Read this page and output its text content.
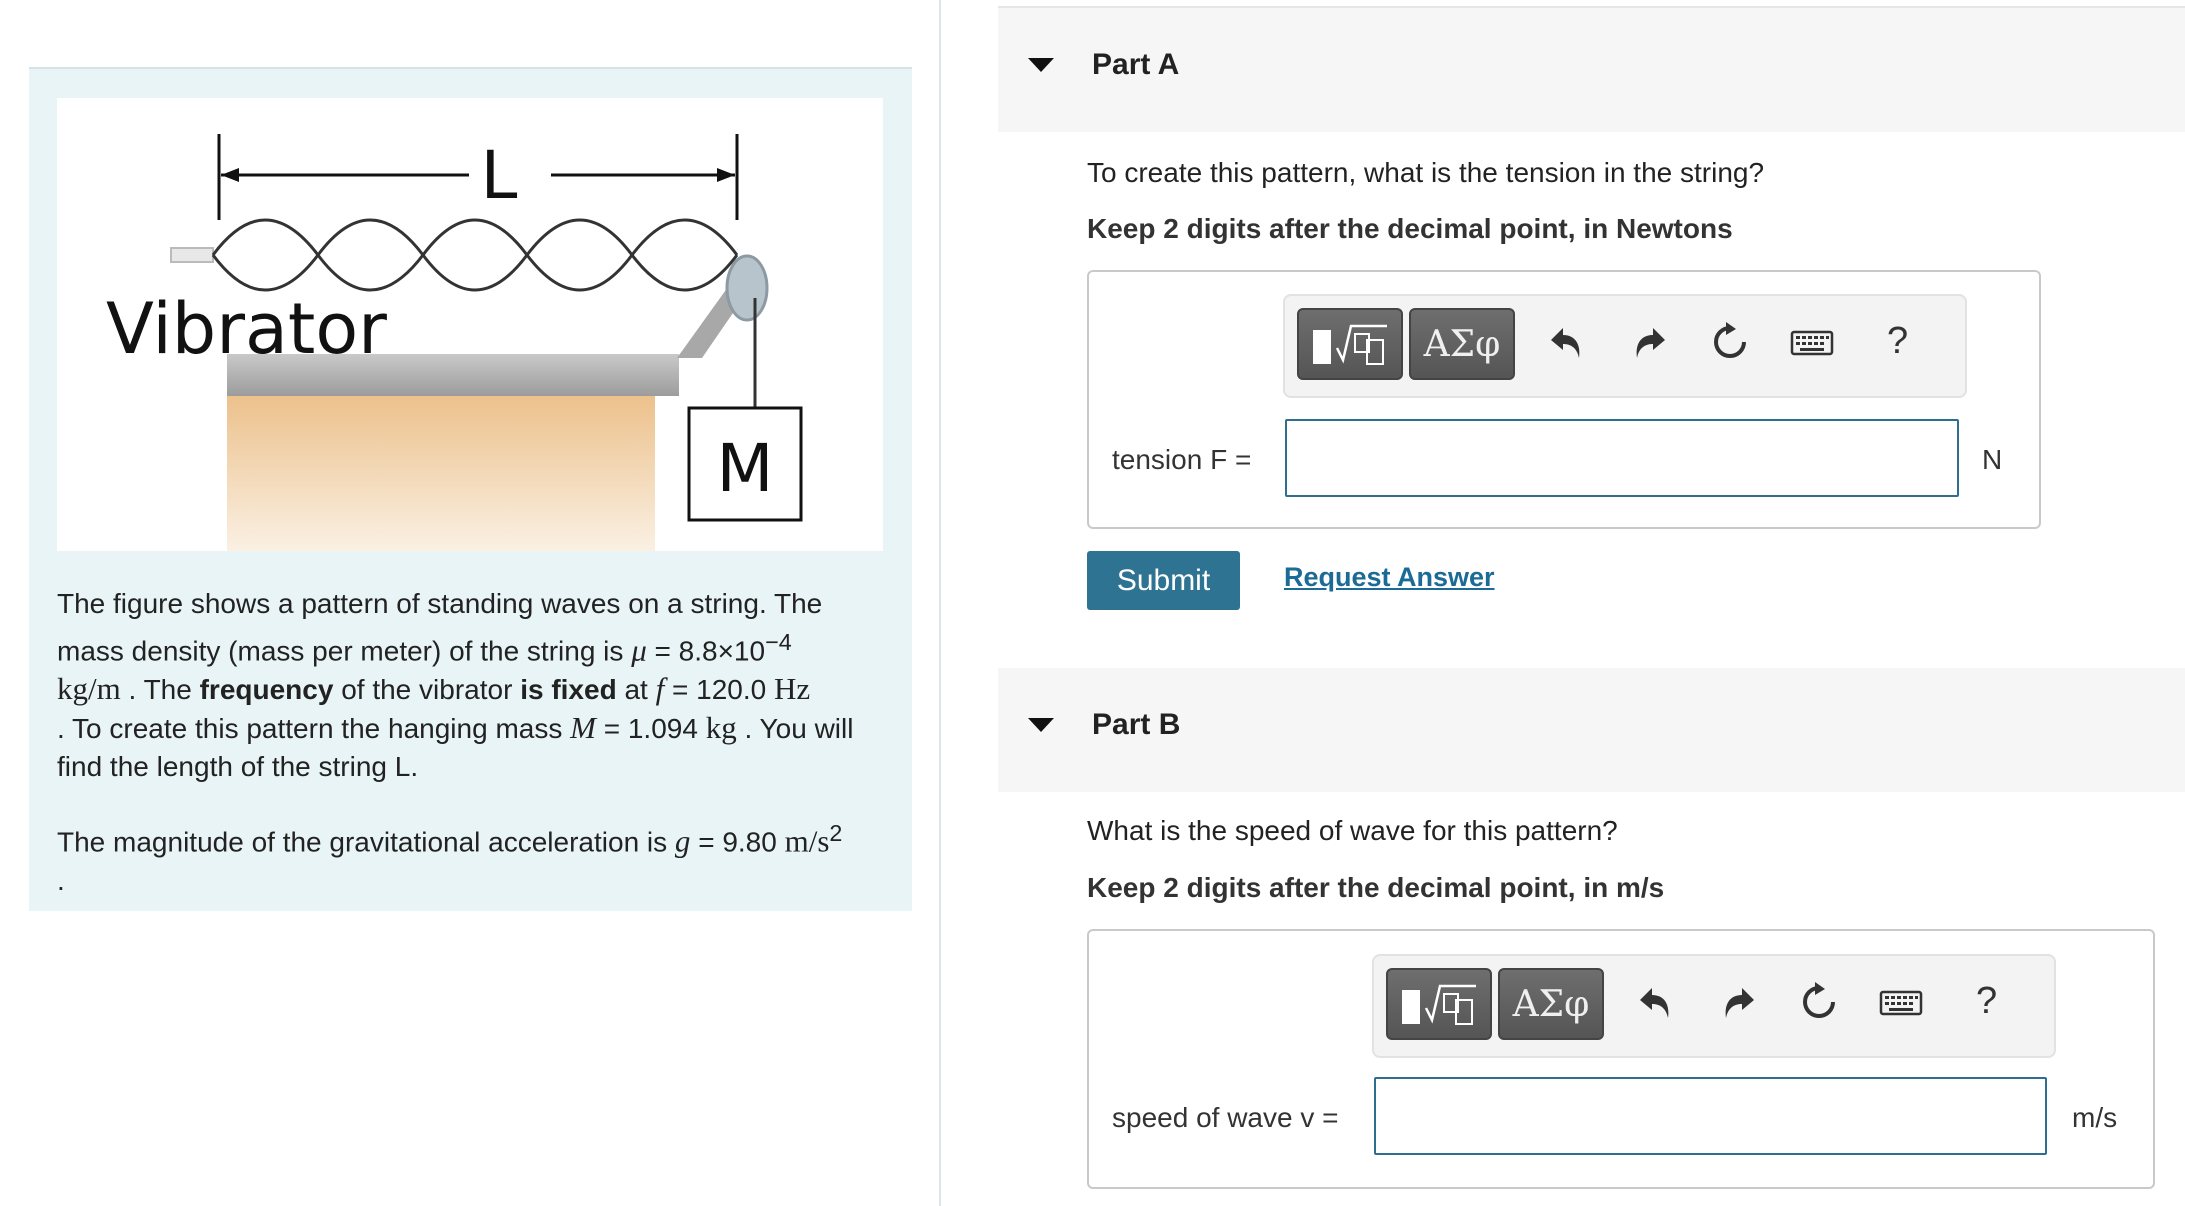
M
L
Vibrator

The figure shows a pattern of standing waves on a string. The mass density (mass per meter) of the string is $\mu = 8.8\times 10^{-4}$
kg/m . The frequency of the vibrator is fixed at f = 120.0 Hz
. To create this pattern the hanging mass M = 1.094 kg . You will find the length of the string L.

The magnitude of the gravitational acceleration is g = 9.80 $m/s^2$
.

Part A
To create this pattern, what is the tension in the string?
Keep 2 digits after the decimal point, in Newtons
ΑΣφ	?
tension F =	N
Submit	Request Answer
Part B
What is the speed of wave for this pattern?
Keep 2 digits after the decimal point, in m/s
ΑΣφ	?
speed of wave v =	m/s
